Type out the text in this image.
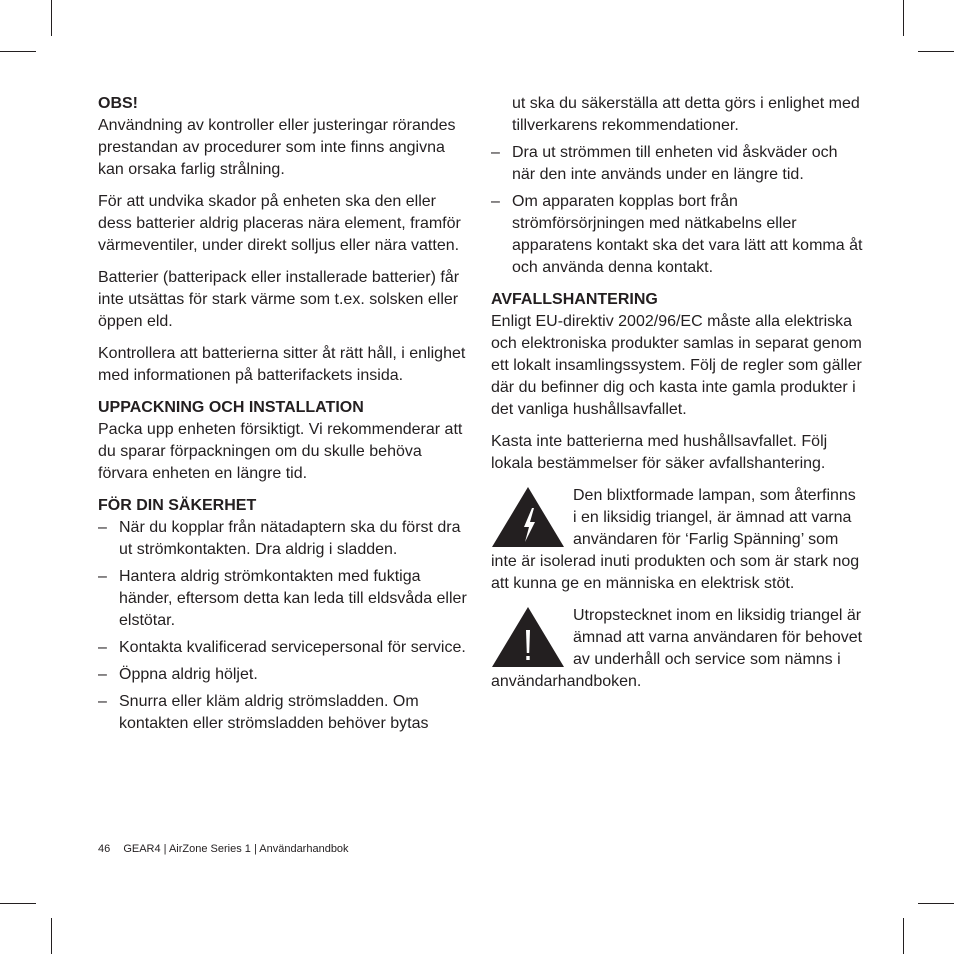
OBS!
Användning av kontroller eller justeringar rörandes prestandan av procedurer som inte finns angivna kan orsaka farlig strålning.

För att undvika skador på enheten ska den eller dess batterier aldrig placeras nära element, framför värmeventiler, under direkt solljus eller nära vatten.

Batterier (batteripack eller installerade batterier) får inte utsättas för stark värme som t.ex. solsken eller öppen eld.

Kontrollera att batterierna sitter åt rätt håll, i enlighet med informationen på batterifackets insida.

UPPACKNING OCH INSTALLATION
Packa upp enheten försiktigt. Vi rekommenderar att du sparar förpackningen om du skulle behöva förvara enheten en längre tid.

FÖR DIN SÄKERHET
– När du kopplar från nätadaptern ska du först dra ut strömkontakten. Dra aldrig i sladden.
– Hantera aldrig strömkontakten med fuktiga händer, eftersom detta kan leda till eldsvåda eller elstötar.
– Kontakta kvalificerad servicepersonal för service.
– Öppna aldrig höljet.
– Snurra eller kläm aldrig strömsladden. Om kontakten eller strömsladden behöver bytas
ut ska du säkerställa att detta görs i enlighet med tillverkarens rekommendationer.
– Dra ut strömmen till enheten vid åskväder och när den inte används under en längre tid.
– Om apparaten kopplas bort från strömförsörjningen med nätkabelns eller apparatens kontakt ska det vara lätt att komma åt och använda denna kontakt.

AVFALLSHANTERING
Enligt EU-direktiv 2002/96/EC måste alla elektriska och elektroniska produkter samlas in separat genom ett lokalt insamlingssystem. Följ de regler som gäller där du befinner dig och kasta inte gamla produkter i det vanliga hushållsavfallet.

Kasta inte batterierna med hushållsavfallet. Följ lokala bestämmelser för säker avfallshantering.

Den blixtformade lampan, som återfinns i en liksidig triangel, är ämnad att varna användaren för ‘Farlig Spänning’ som inte är isolerad inuti produkten och som är stark nog att kunna ge en människa en elektrisk stöt.
Utropstecknet inom en liksidig triangel är ämnad att varna användaren för behovet av underhåll och service som nämns i användarhandboken.
46 GEAR4 | AirZone Series 1 | Användarhandbok
